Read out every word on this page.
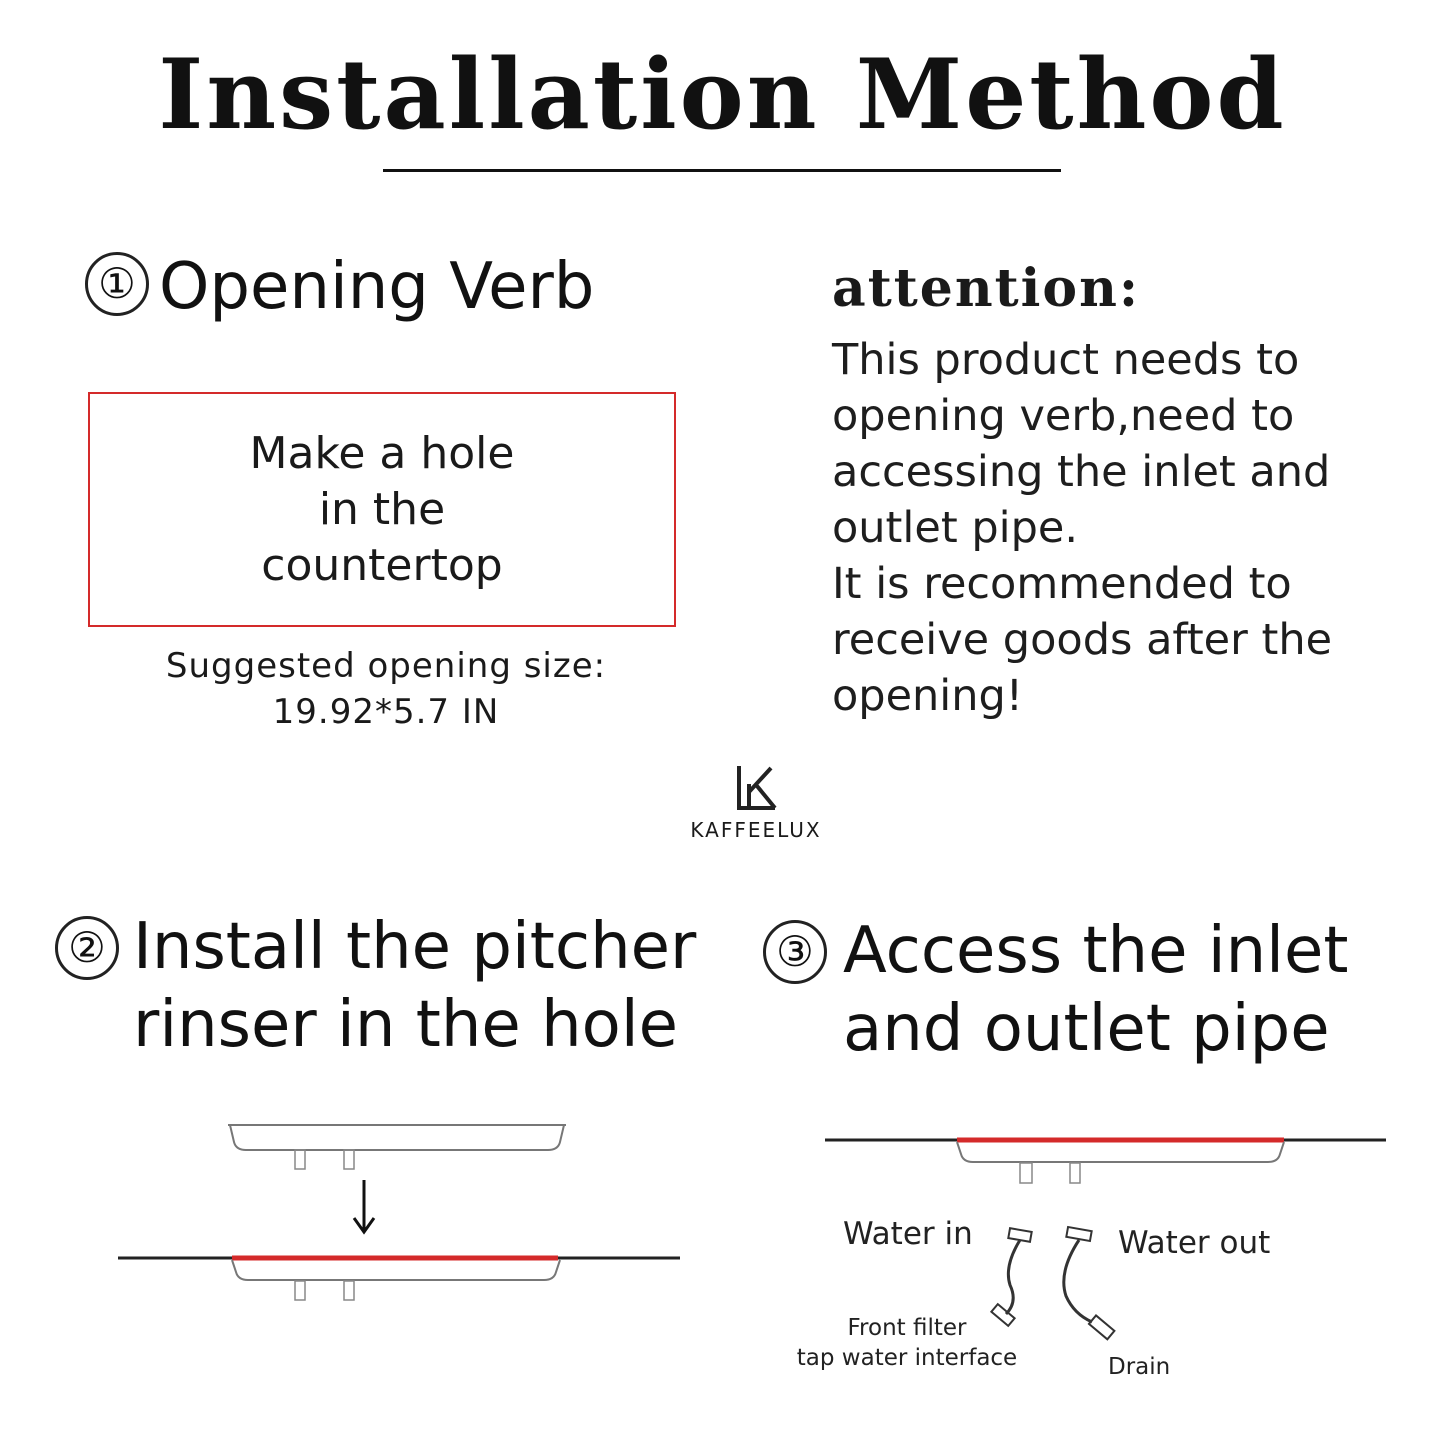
Installation Method
① Opening Verb
Make a hole
in the
countertop
Suggested opening size:
19.92*5.7 IN
attention:
This product needs to
opening verb,need to
accessing the inlet and
outlet pipe.
It is recommended to
receive goods after the
opening!
KAFFEELUX
② Install the pitcher
rinser in the hole
③ Access the inlet
and outlet pipe
Water in	Water out
Front filter
tap water interface	Drain
